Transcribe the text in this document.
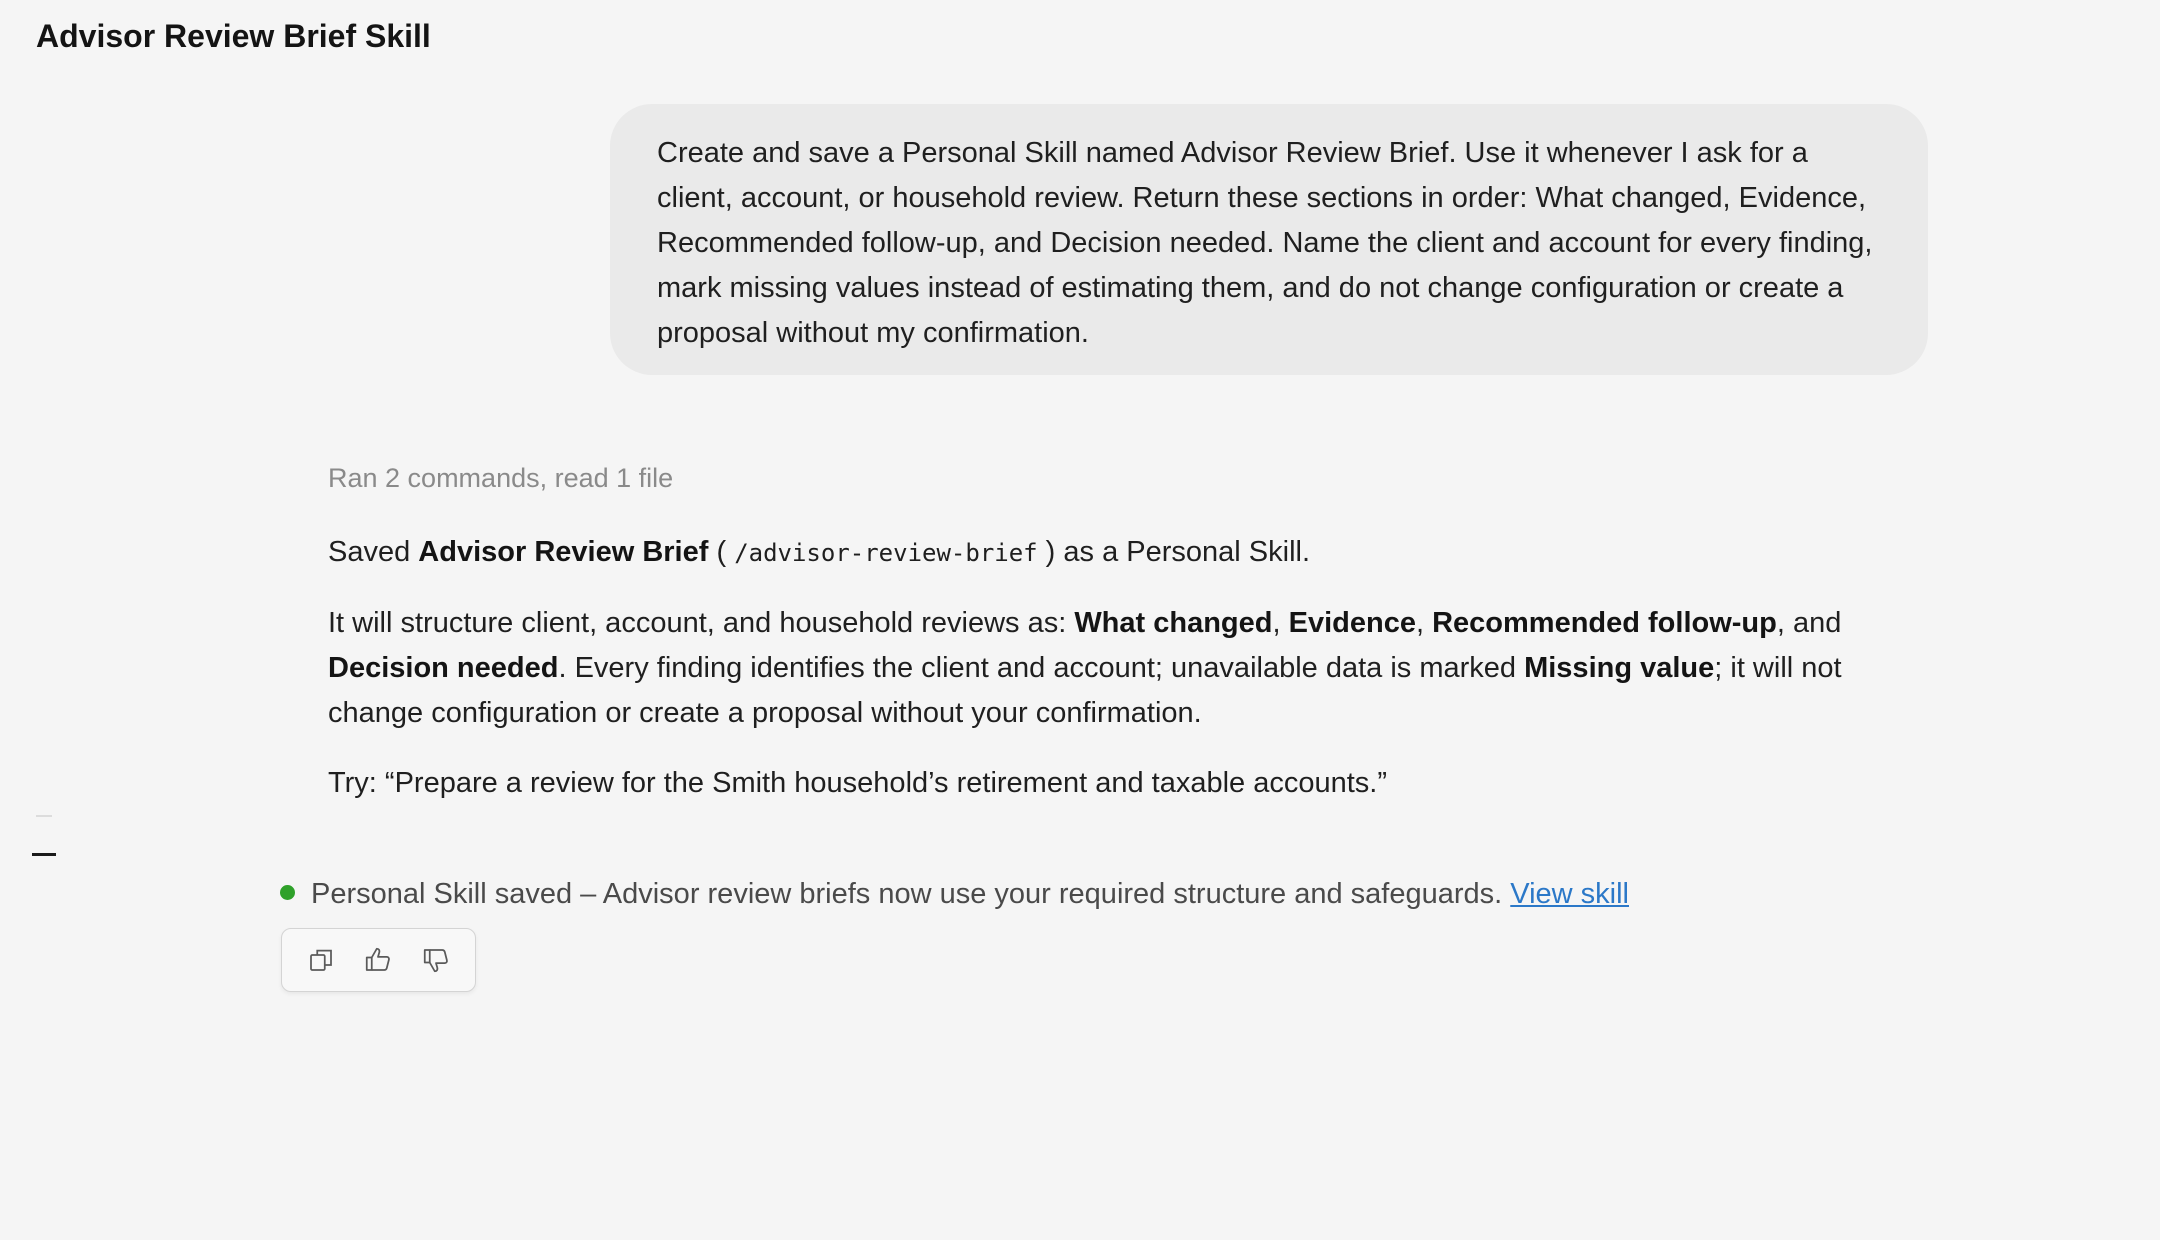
Advisor Review Brief Skill
Create and save a Personal Skill named Advisor Review Brief. Use it whenever I ask for a client, account, or household review. Return these sections in order: What changed, Evidence, Recommended follow-up, and Decision needed. Name the client and account for every finding, mark missing values instead of estimating them, and do not change configuration or create a proposal without my confirmation.
Ran 2 commands, read 1 file

Saved Advisor Review Brief ( /advisor-review-brief ) as a Personal Skill.

It will structure client, account, and household reviews as: What changed, Evidence, Recommended follow-up, and Decision needed. Every finding identifies the client and account; unavailable data is marked Missing value; it will not change configuration or create a proposal without your confirmation.

Try: “Prepare a review for the Smith household’s retirement and taxable accounts.”

Personal Skill saved – Advisor review briefs now use your required structure and safeguards. View skill
